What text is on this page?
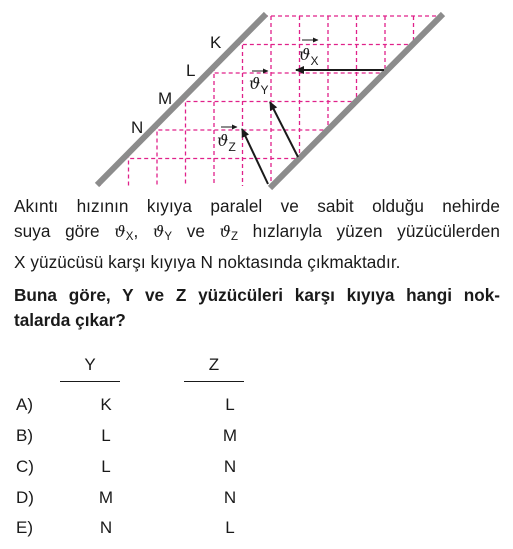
K
L
M
N
$ϑ_X$
$ϑ_Y$
$ϑ_Z$
Akıntı hızının kıyıya paralel ve sabit olduğu nehirde
suya göre $ϑ_X$, $ϑ_Y$ ve $ϑ_Z$ hızlarıyla yüzen yüzücülerden
X yüzücüsü karşı kıyıya N noktasında çıkmaktadır.
Buna göre, Y ve Z yüzücüleri karşı kıyıya hangi nok-
talarda çıkar?
Y	Z
A)	K	L
B)	L	M
C)	L	N
D)	M	N
E)	N	L
